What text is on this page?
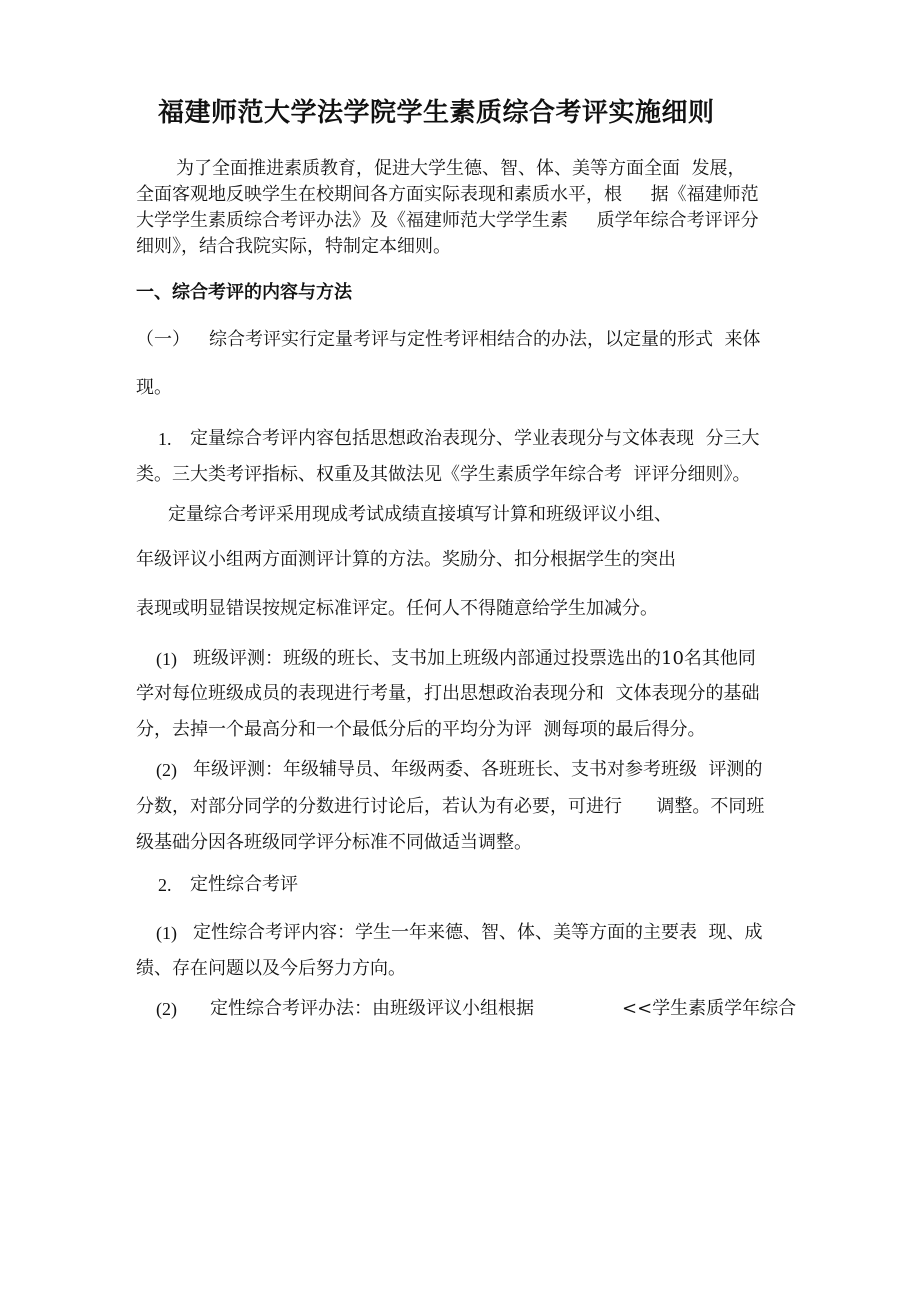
福建师范大学法学院学生素质综合考评实施细则
为了全面推进素质教育，促进大学生德、智、体、美等方面全面  发展，
全面客观地反映学生在校期间各方面实际表现和素质水平，根     据《福建师范
大学学生素质综合考评办法》及《福建师范大学学生素     质学年综合考评评分
细则》，结合我院实际，特制定本细则。
一、综合考评的内容与方法
（一） 综合考评实行定量考评与定性考评相结合的办法，以定量的形式  来体
现。
1. 定量综合考评内容包括思想政治表现分、学业表现分与文体表现  分三大
类。三大类考评指标、权重及其做法见《学生素质学年综合考  评评分细则》。
定量综合考评采用现成考试成绩直接填写计算和班级评议小组、
年级评议小组两方面测评计算的方法。奖励分、扣分根据学生的突出
表现或明显错误按规定标准评定。任何人不得随意给学生加减分。
(1) 班级评测：班级的班长、支书加上班级内部通过投票选出的10名其他同
学对每位班级成员的表现进行考量，打出思想政治表现分和  文体表现分的基础
分，去掉一个最高分和一个最低分后的平均分为评  测每项的最后得分。
(2) 年级评测：年级辅导员、年级两委、各班班长、支书对参考班级  评测的
分数，对部分同学的分数进行讨论后，若认为有必要，可进行      调整。不同班
级基础分因各班级同学评分标准不同做适当调整。
2. 定性综合考评
(1) 定性综合考评内容：学生一年来德、智、体、美等方面的主要表  现、成
绩、存在问题以及今后努力方向。
(2) 定性综合考评办法：由班级评议小组根据	<<学生素质学年综合
